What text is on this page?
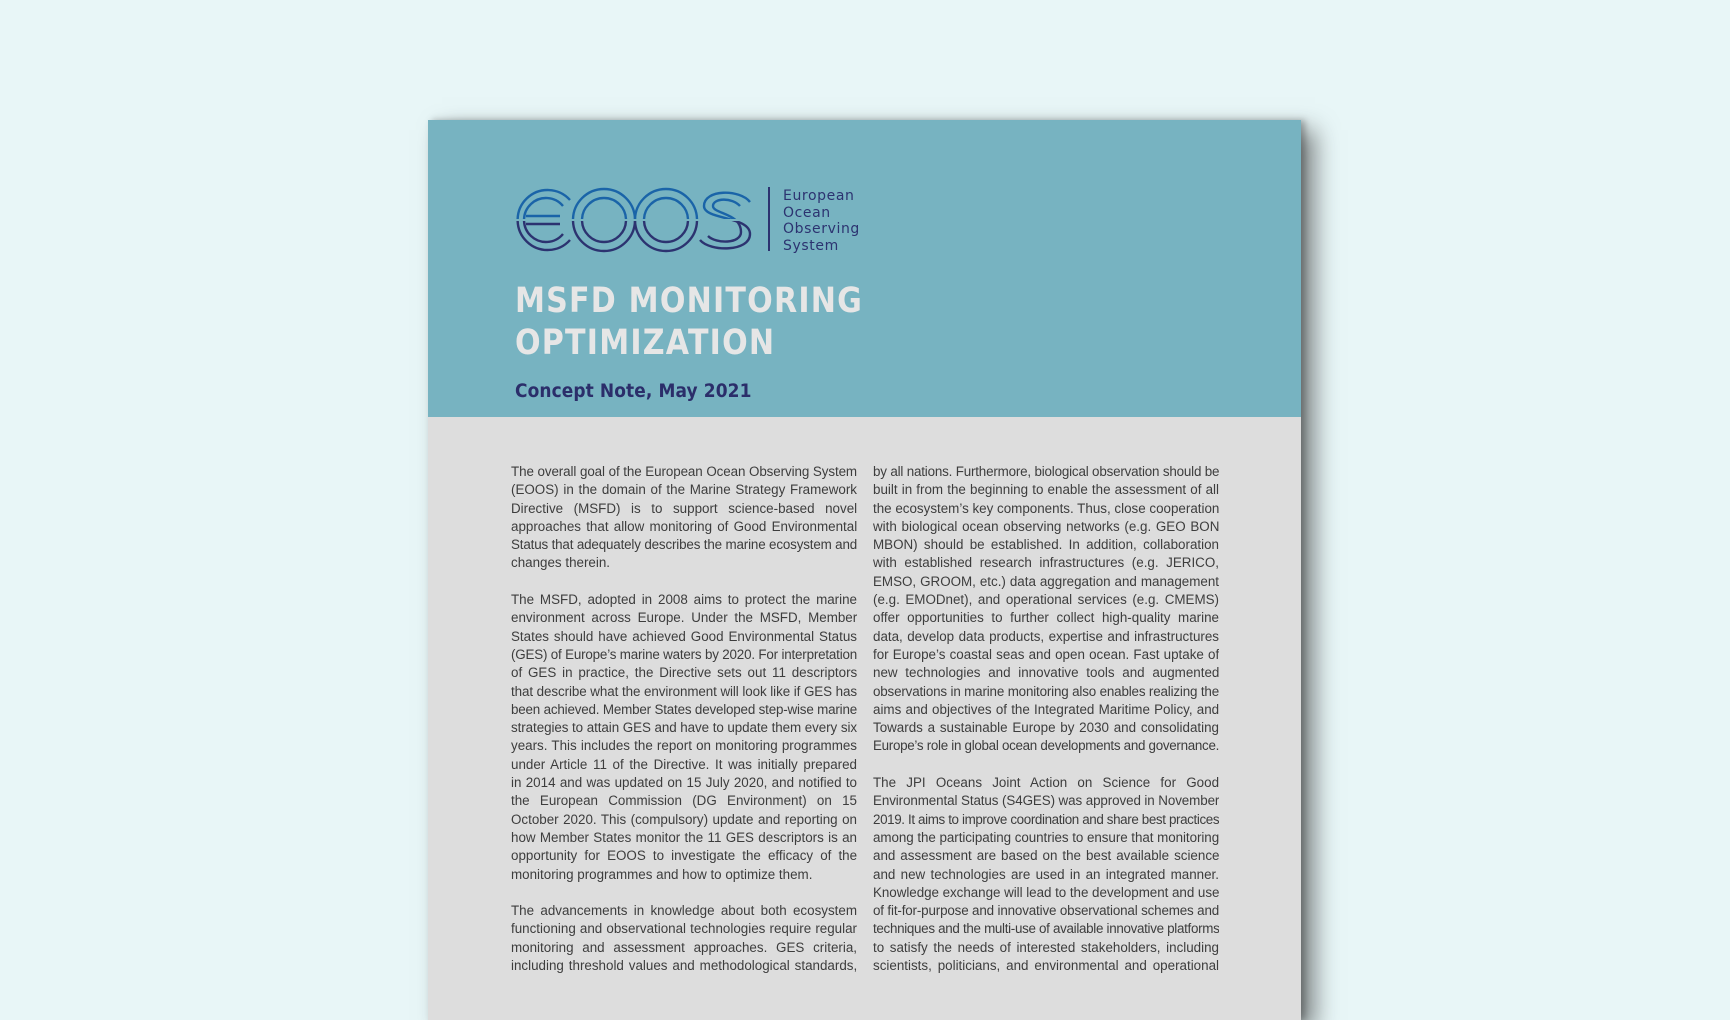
European
Ocean
Observing
System
MSFD MONITORING
OPTIMIZATION
Concept Note, May 2021
The overall goal of the European Ocean Observing System
(EOOS) in the domain of the Marine Strategy Framework
Directive (MSFD) is to support science-based novel
approaches that allow monitoring of Good Environmental
Status that adequately describes the marine ecosystem and
changes therein.
The MSFD, adopted in 2008 aims to protect the marine
environment across Europe. Under the MSFD, Member
States should have achieved Good Environmental Status
(GES) of Europe’s marine waters by 2020. For interpretation
of GES in practice, the Directive sets out 11 descriptors
that describe what the environment will look like if GES has
been achieved. Member States developed step-wise marine
strategies to attain GES and have to update them every six
years. This includes the report on monitoring programmes
under Article 11 of the Directive. It was initially prepared
in 2014 and was updated on 15 July 2020, and notified to
the European Commission (DG Environment) on 15
October 2020. This (compulsory) update and reporting on
how Member States monitor the 11 GES descriptors is an
opportunity for EOOS to investigate the efficacy of the
monitoring programmes and how to optimize them.
The advancements in knowledge about both ecosystem
functioning and observational technologies require regular
monitoring and assessment approaches. GES criteria,
including threshold values and methodological standards,
by all nations. Furthermore, biological observation should be
built in from the beginning to enable the assessment of all
the ecosystem’s key components. Thus, close cooperation
with biological ocean observing networks (e.g. GEO BON
MBON) should be established. In addition, collaboration
with established research infrastructures (e.g. JERICO,
EMSO, GROOM, etc.) data aggregation and management
(e.g. EMODnet), and operational services (e.g. CMEMS)
offer opportunities to further collect high-quality marine
data, develop data products, expertise and infrastructures
for Europe’s coastal seas and open ocean. Fast uptake of
new technologies and innovative tools and augmented
observations in marine monitoring also enables realizing the
aims and objectives of the Integrated Maritime Policy, and
Towards a sustainable Europe by 2030 and consolidating
Europe’s role in global ocean developments and governance.
The JPI Oceans Joint Action on Science for Good
Environmental Status (S4GES) was approved in November
2019. It aims to improve coordination and share best practices
among the participating countries to ensure that monitoring
and assessment are based on the best available science
and new technologies are used in an integrated manner.
Knowledge exchange will lead to the development and use
of fit-for-purpose and innovative observational schemes and
techniques and the multi-use of available innovative platforms
to satisfy the needs of interested stakeholders, including
scientists, politicians, and environmental and operational
